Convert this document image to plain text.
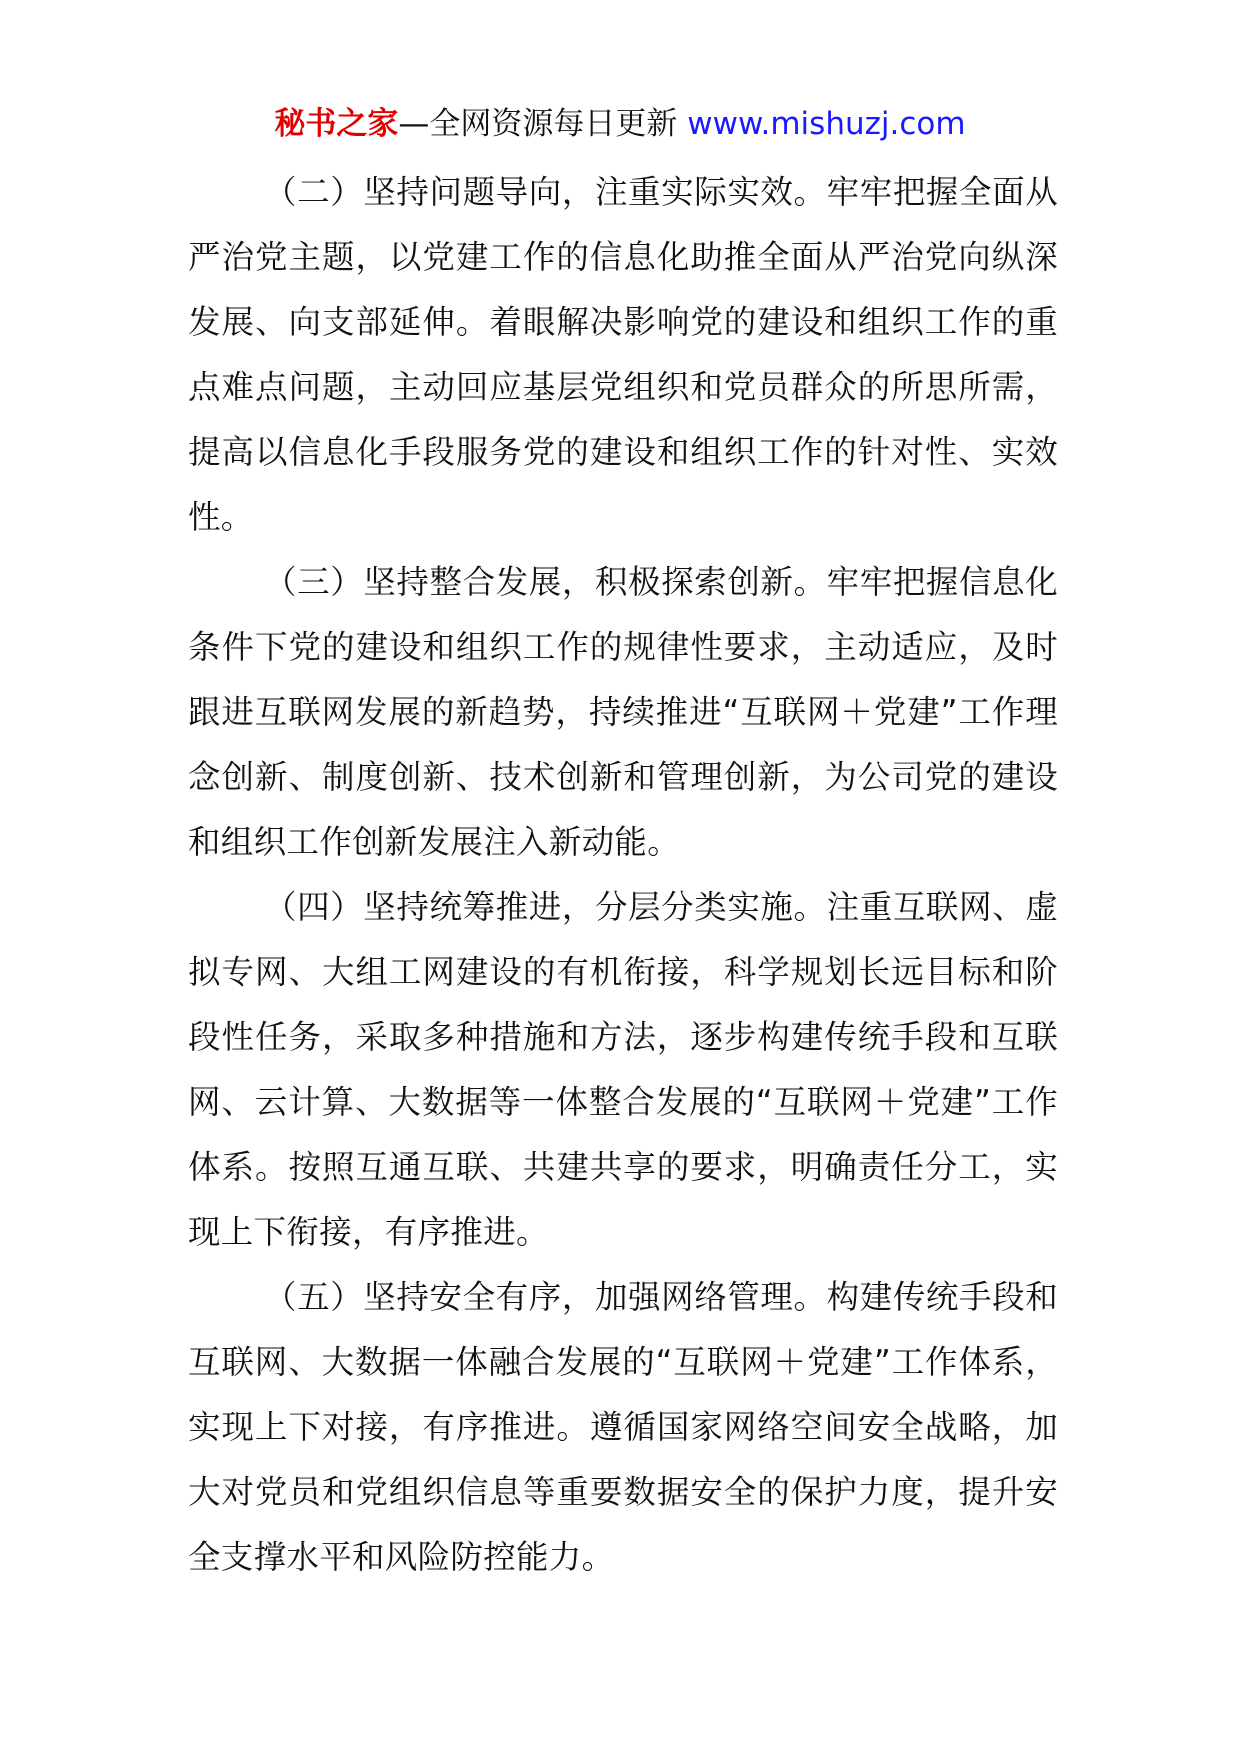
秘书之家—全网资源每日更新 www.mishuzj.com

（二）坚持问题导向，注重实际实效。牢牢把握全面从严治党主题，以党建工作的信息化助推全面从严治党向纵深发展、向支部延伸。着眼解决影响党的建设和组织工作的重点难点问题，主动回应基层党组织和党员群众的所思所需，提高以信息化手段服务党的建设和组织工作的针对性、实效性。

（三）坚持整合发展，积极探索创新。牢牢把握信息化条件下党的建设和组织工作的规律性要求，主动适应，及时跟进互联网发展的新趋势，持续推进“互联网＋党建”工作理念创新、制度创新、技术创新和管理创新，为公司党的建设和组织工作创新发展注入新动能。

（四）坚持统筹推进，分层分类实施。注重互联网、虚拟专网、大组工网建设的有机衔接，科学规划长远目标和阶段性任务，采取多种措施和方法，逐步构建传统手段和互联网、云计算、大数据等一体整合发展的“互联网＋党建”工作体系。按照互通互联、共建共享的要求，明确责任分工，实现上下衔接，有序推进。

（五）坚持安全有序，加强网络管理。构建传统手段和互联网、大数据一体融合发展的“互联网＋党建”工作体系，实现上下对接，有序推进。遵循国家网络空间安全战略，加大对党员和党组织信息等重要数据安全的保护力度，提升安全支撑水平和风险防控能力。
